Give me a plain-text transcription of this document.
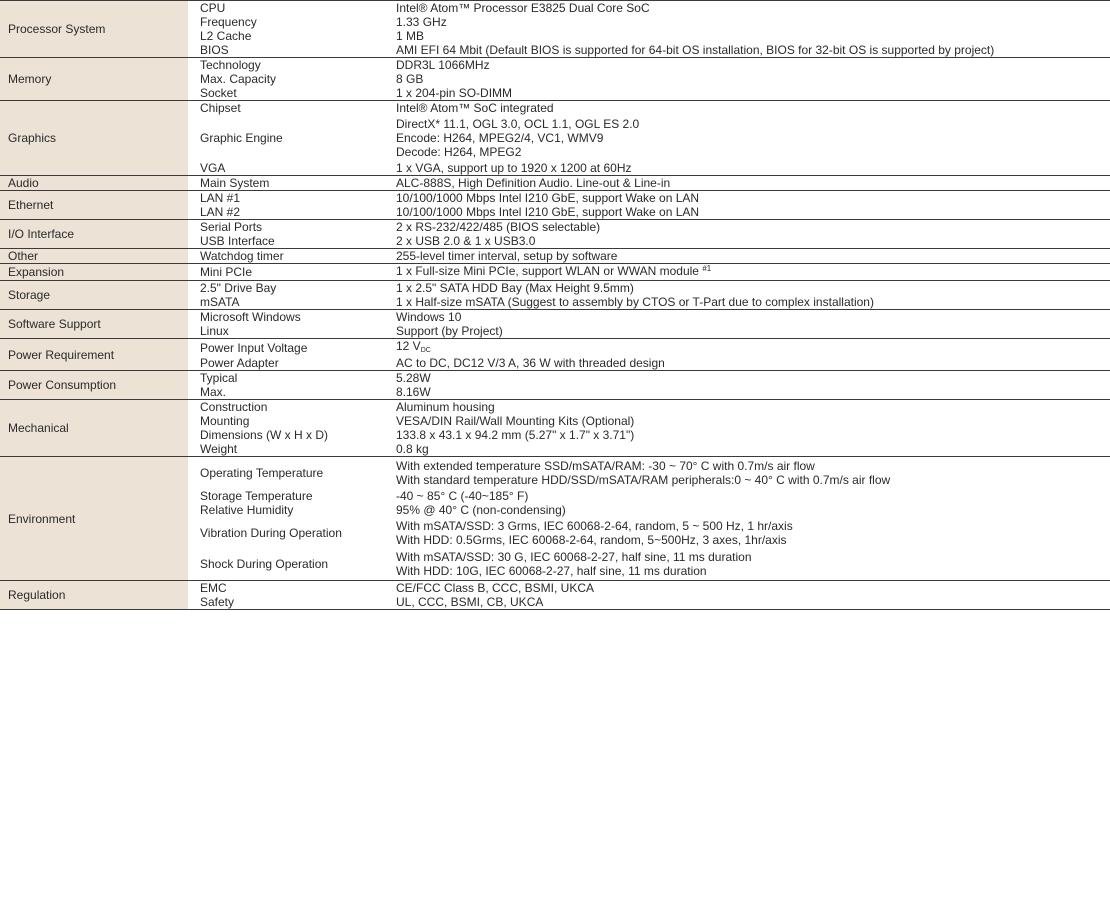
Processor System	CPU	Intel® Atom™ Processor E3825 Dual Core SoC

	Frequency	1.33 GHz

	L2 Cache	1 MB

	BIOS	AMI EFI 64 Mbit (Default BIOS is supported for 64-bit OS installation, BIOS for 32-bit OS is supported by project)

Memory	Technology	DDR3L 1066MHz

	Max. Capacity	8 GB

	Socket	1 x 204-pin SO-DIMM

Graphics	Chipset	Intel® Atom™ SoC integrated

	Graphic Engine	DirectX* 11.1, OGL 3.0, OCL 1.1, OGL ES 2.0
Encode: H264, MPEG2/4, VC1, WMV9
Decode: H264, MPEG2

	VGA	1 x VGA, support up to 1920 x 1200 at 60Hz

Audio	Main System	ALC-888S, High Definition Audio. Line-out & Line-in

Ethernet	LAN #1	10/100/1000 Mbps Intel I210 GbE, support Wake on LAN

	LAN #2	10/100/1000 Mbps Intel I210 GbE, support Wake on LAN

I/O Interface	Serial Ports	2 x RS-232/422/485 (BIOS selectable)

	USB Interface	2 x USB 2.0 & 1 x USB3.0

Other	Watchdog timer	255-level timer interval, setup by software

Expansion	Mini PCIe	1 x Full-size Mini PCIe, support WLAN or WWAN module $^{\#1}$

Storage	2.5" Drive Bay	1 x 2.5" SATA HDD Bay (Max Height 9.5mm)

	mSATA	1 x Half-size mSATA (Suggest to assembly by CTOS or T-Part due to complex installation)

Software Support	Microsoft Windows	Windows 10

	Linux	Support (by Project)

Power Requirement	Power Input Voltage	12 $V_{DC}$

	Power Adapter	AC to DC, DC12 V/3 A, 36 W with threaded design

Power Consumption	Typical	5.28W

	Max.	8.16W

Mechanical	Construction	Aluminum housing

	Mounting	VESA/DIN Rail/Wall Mounting Kits (Optional)

	Dimensions (W x H x D)	133.8 x 43.1 x 94.2 mm (5.27" x 1.7" x 3.71")

	Weight	0.8 kg

Environment	Operating Temperature	With extended temperature SSD/mSATA/RAM: -30 ~ 70° C with 0.7m/s air flow
With standard temperature HDD/SSD/mSATA/RAM peripherals:0 ~ 40° C with 0.7m/s air flow

	Storage Temperature	-40 ~ 85° C (-40~185° F)

	Relative Humidity	95% @ 40° C (non-condensing)

	Vibration During Operation	With mSATA/SSD: 3 Grms, IEC 60068-2-64, random, 5 ~ 500 Hz, 1 hr/axis
With HDD: 0.5Grms, IEC 60068-2-64, random, 5~500Hz, 3 axes, 1hr/axis

	Shock During Operation	With mSATA/SSD: 30 G, IEC 60068-2-27, half sine, 11 ms duration
With HDD: 10G, IEC 60068-2-27, half sine, 11 ms duration

Regulation	EMC	CE/FCC Class B, CCC, BSMI, UKCA

	Safety	UL, CCC, BSMI, CB, UKCA
